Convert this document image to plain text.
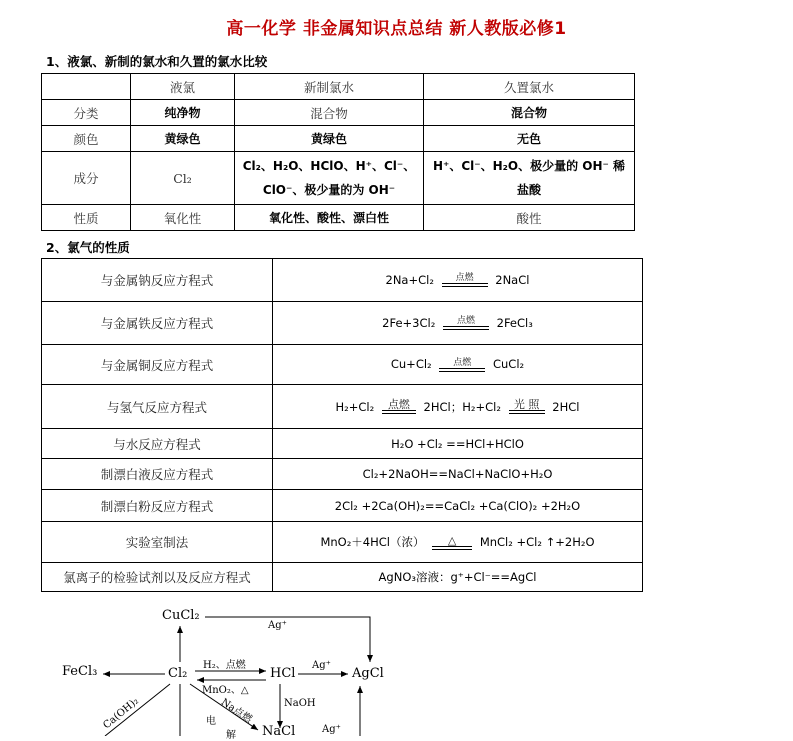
高一化学 非金属知识点总结 新人教版必修1
1、液氯、新制的氯水和久置的氯水比较
	液氯	新制氯水	久置氯水
分类	纯净物	混合物	混合物
颜色	黄绿色	黄绿色	无色
成分	Cl₂	Cl₂、H₂O、HClO、H⁺、Cl⁻、ClO⁻、极少量的为 OH⁻	H⁺、Cl⁻、H₂O、极少量的 OH⁻ 稀盐酸
性质	氧化性	氧化性、酸性、漂白性	酸性
2、氯气的性质
与金属钠反应方程式	2Na+Cl₂ 点燃 2NaCl
与金属铁反应方程式	2Fe+3Cl₂ 点燃 2FeCl₃
与金属铜反应方程式	Cu+Cl₂ 点燃 CuCl₂
与氢气反应方程式	H₂+Cl₂ 点燃 2HCl；H₂+Cl₂ 光 照 2HCl
与水反应方程式	H₂O +Cl₂ ==HCl+HClO
制漂白液反应方程式	Cl₂+2NaOH==NaCl+NaClO+H₂O
制漂白粉反应方程式	2Cl₂ +2Ca(OH)₂==CaCl₂ +Ca(ClO)₂ +2H₂O
实验室制法	MnO₂＋4HCl（浓） △ MnCl₂ +Cl₂ ↑+2H₂O
氯离子的检验试剂以及反应方程式	AgNO₃溶液：g⁺+Cl⁻==AgCl
CuCl₂
Ag⁺
FeCl₃	Cl₂
H₂、点燃
MnO₂、△
HCl
Ag⁺
AgCl
NaOH
Na点燃
Ca(OH)₂	电
解 NaCl	Ag⁺
